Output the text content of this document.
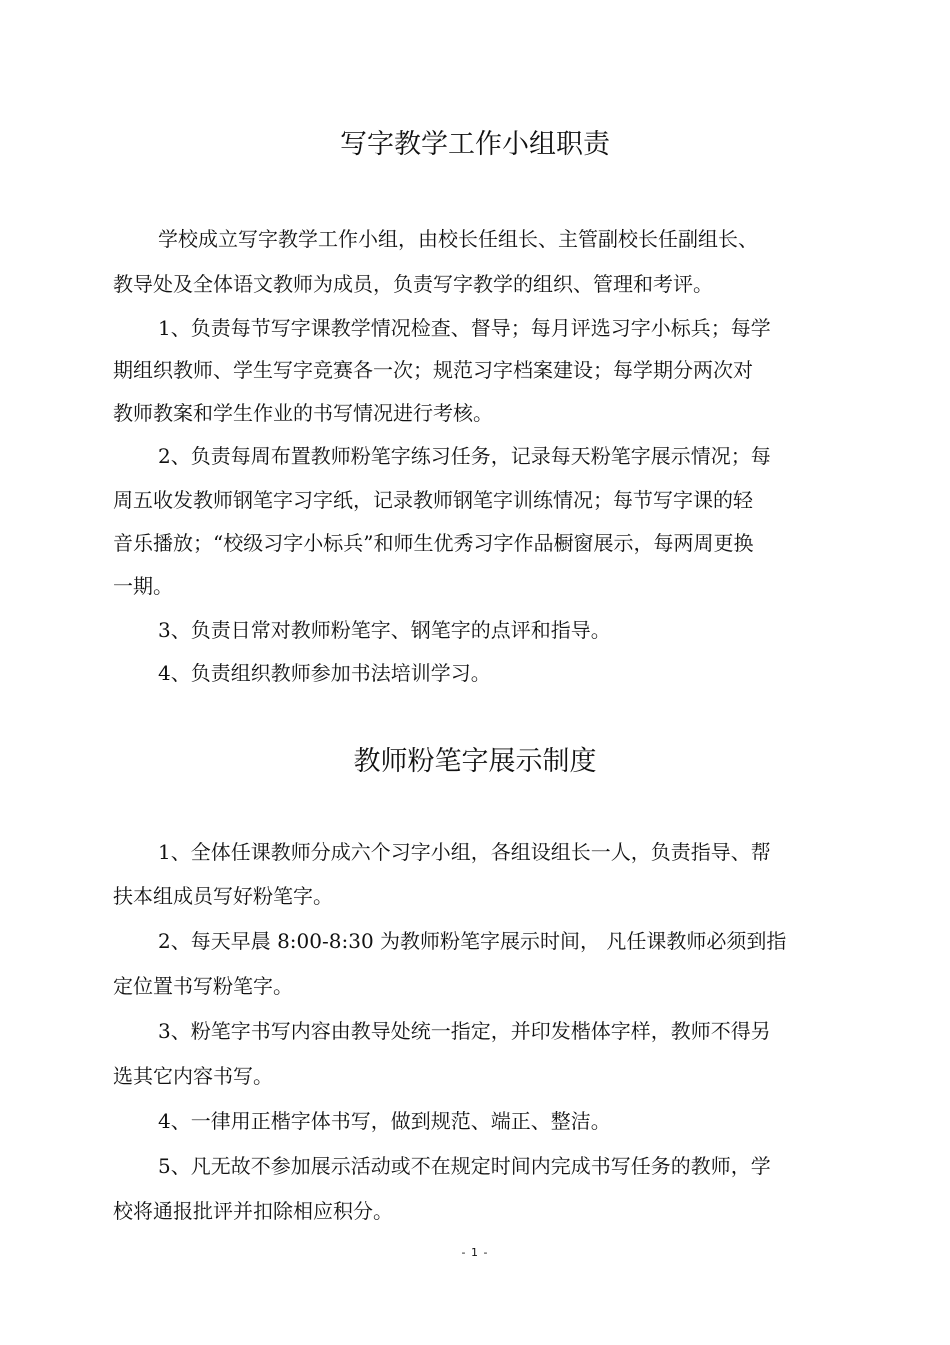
写字教学工作小组职责
学校成立写字教学工作小组，由校长任组长、主管副校长任副组长、
教导处及全体语文教师为成员，负责写字教学的组织、管理和考评。
1、负责每节写字课教学情况检查、督导；每月评选习字小标兵；每学
期组织教师、学生写字竞赛各一次；规范习字档案建设；每学期分两次对
教师教案和学生作业的书写情况进行考核。
2、负责每周布置教师粉笔字练习任务，记录每天粉笔字展示情况；每
周五收发教师钢笔字习字纸，记录教师钢笔字训练情况；每节写字课的轻
音乐播放；“校级习字小标兵”和师生优秀习字作品橱窗展示，每两周更换
一期。
3、负责日常对教师粉笔字、钢笔字的点评和指导。
4、负责组织教师参加书法培训学习。
教师粉笔字展示制度
1、全体任课教师分成六个习字小组，各组设组长一人，负责指导、帮
扶本组成员写好粉笔字。
2、每天早晨 8:00-8:30 为教师粉笔字展示时间， 凡任课教师必须到指
定位置书写粉笔字。
3、粉笔字书写内容由教导处统一指定，并印发楷体字样，教师不得另
选其它内容书写。
4、一律用正楷字体书写，做到规范、端正、整洁。
5、凡无故不参加展示活动或不在规定时间内完成书写任务的教师，学
校将通报批评并扣除相应积分。
- 1 -
